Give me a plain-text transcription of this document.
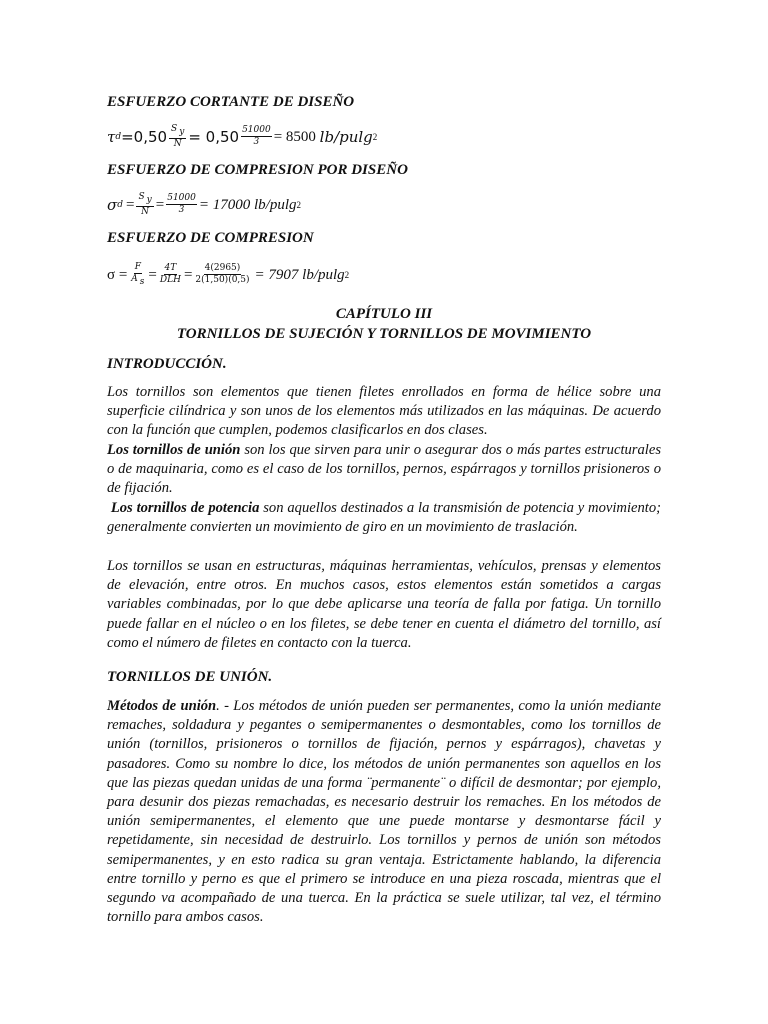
ESFUERZO CORTANTE DE DISEÑO
τ $d =0,50 \frac{\text{S y}}{N} = 0,50 \frac{51000}{3} = 8500$ lb/pulg 2
ESFUERZO DE COMPRESION POR DISEÑO
σ $d = \frac{\text{S y}}{N} = \frac{51000}{3} = 17000$ lb/pulg 2
ESFUERZO DE COMPRESION
$\sigma = \frac{F}{\text{A s}} = \frac{4T}{\text{DLH}} = \frac{4(2965)}{2(1,50)(0,5)} = 7907$ lb/pulg 2
CAPÍTULO III
TORNILLOS DE SUJECIÓN Y TORNILLOS DE MOVIMIENTO
INTRODUCCIÓN.
Los tornillos son elementos que tienen filetes enrollados en forma de hélice sobre una superficie cilíndrica y son unos de los elementos más utilizados en las máquinas. De acuerdo con la función que cumplen, podemos clasificarlos en dos clases.
Los tornillos de unión son los que sirven para unir o asegurar dos o más partes estructurales o de maquinaria, como es el caso de los tornillos, pernos, espárragos y tornillos prisioneros o de fijación.
Los tornillos de potencia son aquellos destinados a la transmisión de potencia y movimiento; generalmente convierten un movimiento de giro en un movimiento de traslación.
Los tornillos se usan en estructuras, máquinas herramientas, vehículos, prensas y elementos de elevación, entre otros. En muchos casos, estos elementos están sometidos a cargas variables combinadas, por lo que debe aplicarse una teoría de falla por fatiga. Un tornillo puede fallar en el núcleo o en los filetes, se debe tener en cuenta el diámetro del tornillo, así como el número de filetes en contacto con la tuerca.
TORNILLOS DE UNIÓN.
Métodos de unión. - Los métodos de unión pueden ser permanentes, como la unión mediante remaches, soldadura y pegantes o semipermanentes o desmontables, como los tornillos de unión (tornillos, prisioneros o tornillos de fijación, pernos y espárragos), chavetas y pasadores. Como su nombre lo dice, los métodos de unión permanentes son aquellos en los que las piezas quedan unidas de una forma ¨permanente¨ o difícil de desmontar; por ejemplo, para desunir dos piezas remachadas, es necesario destruir los remaches. En los métodos de unión semipermanentes, el elemento que une puede montarse y desmontarse fácil y repetidamente, sin necesidad de destruirlo. Los tornillos y pernos de unión son métodos semipermanentes, y en esto radica su gran ventaja. Estrictamente hablando, la diferencia entre tornillo y perno es que el primero se introduce en una pieza roscada, mientras que el segundo va acompañado de una tuerca. En la práctica se suele utilizar, tal vez, el término tornillo para ambos casos.
